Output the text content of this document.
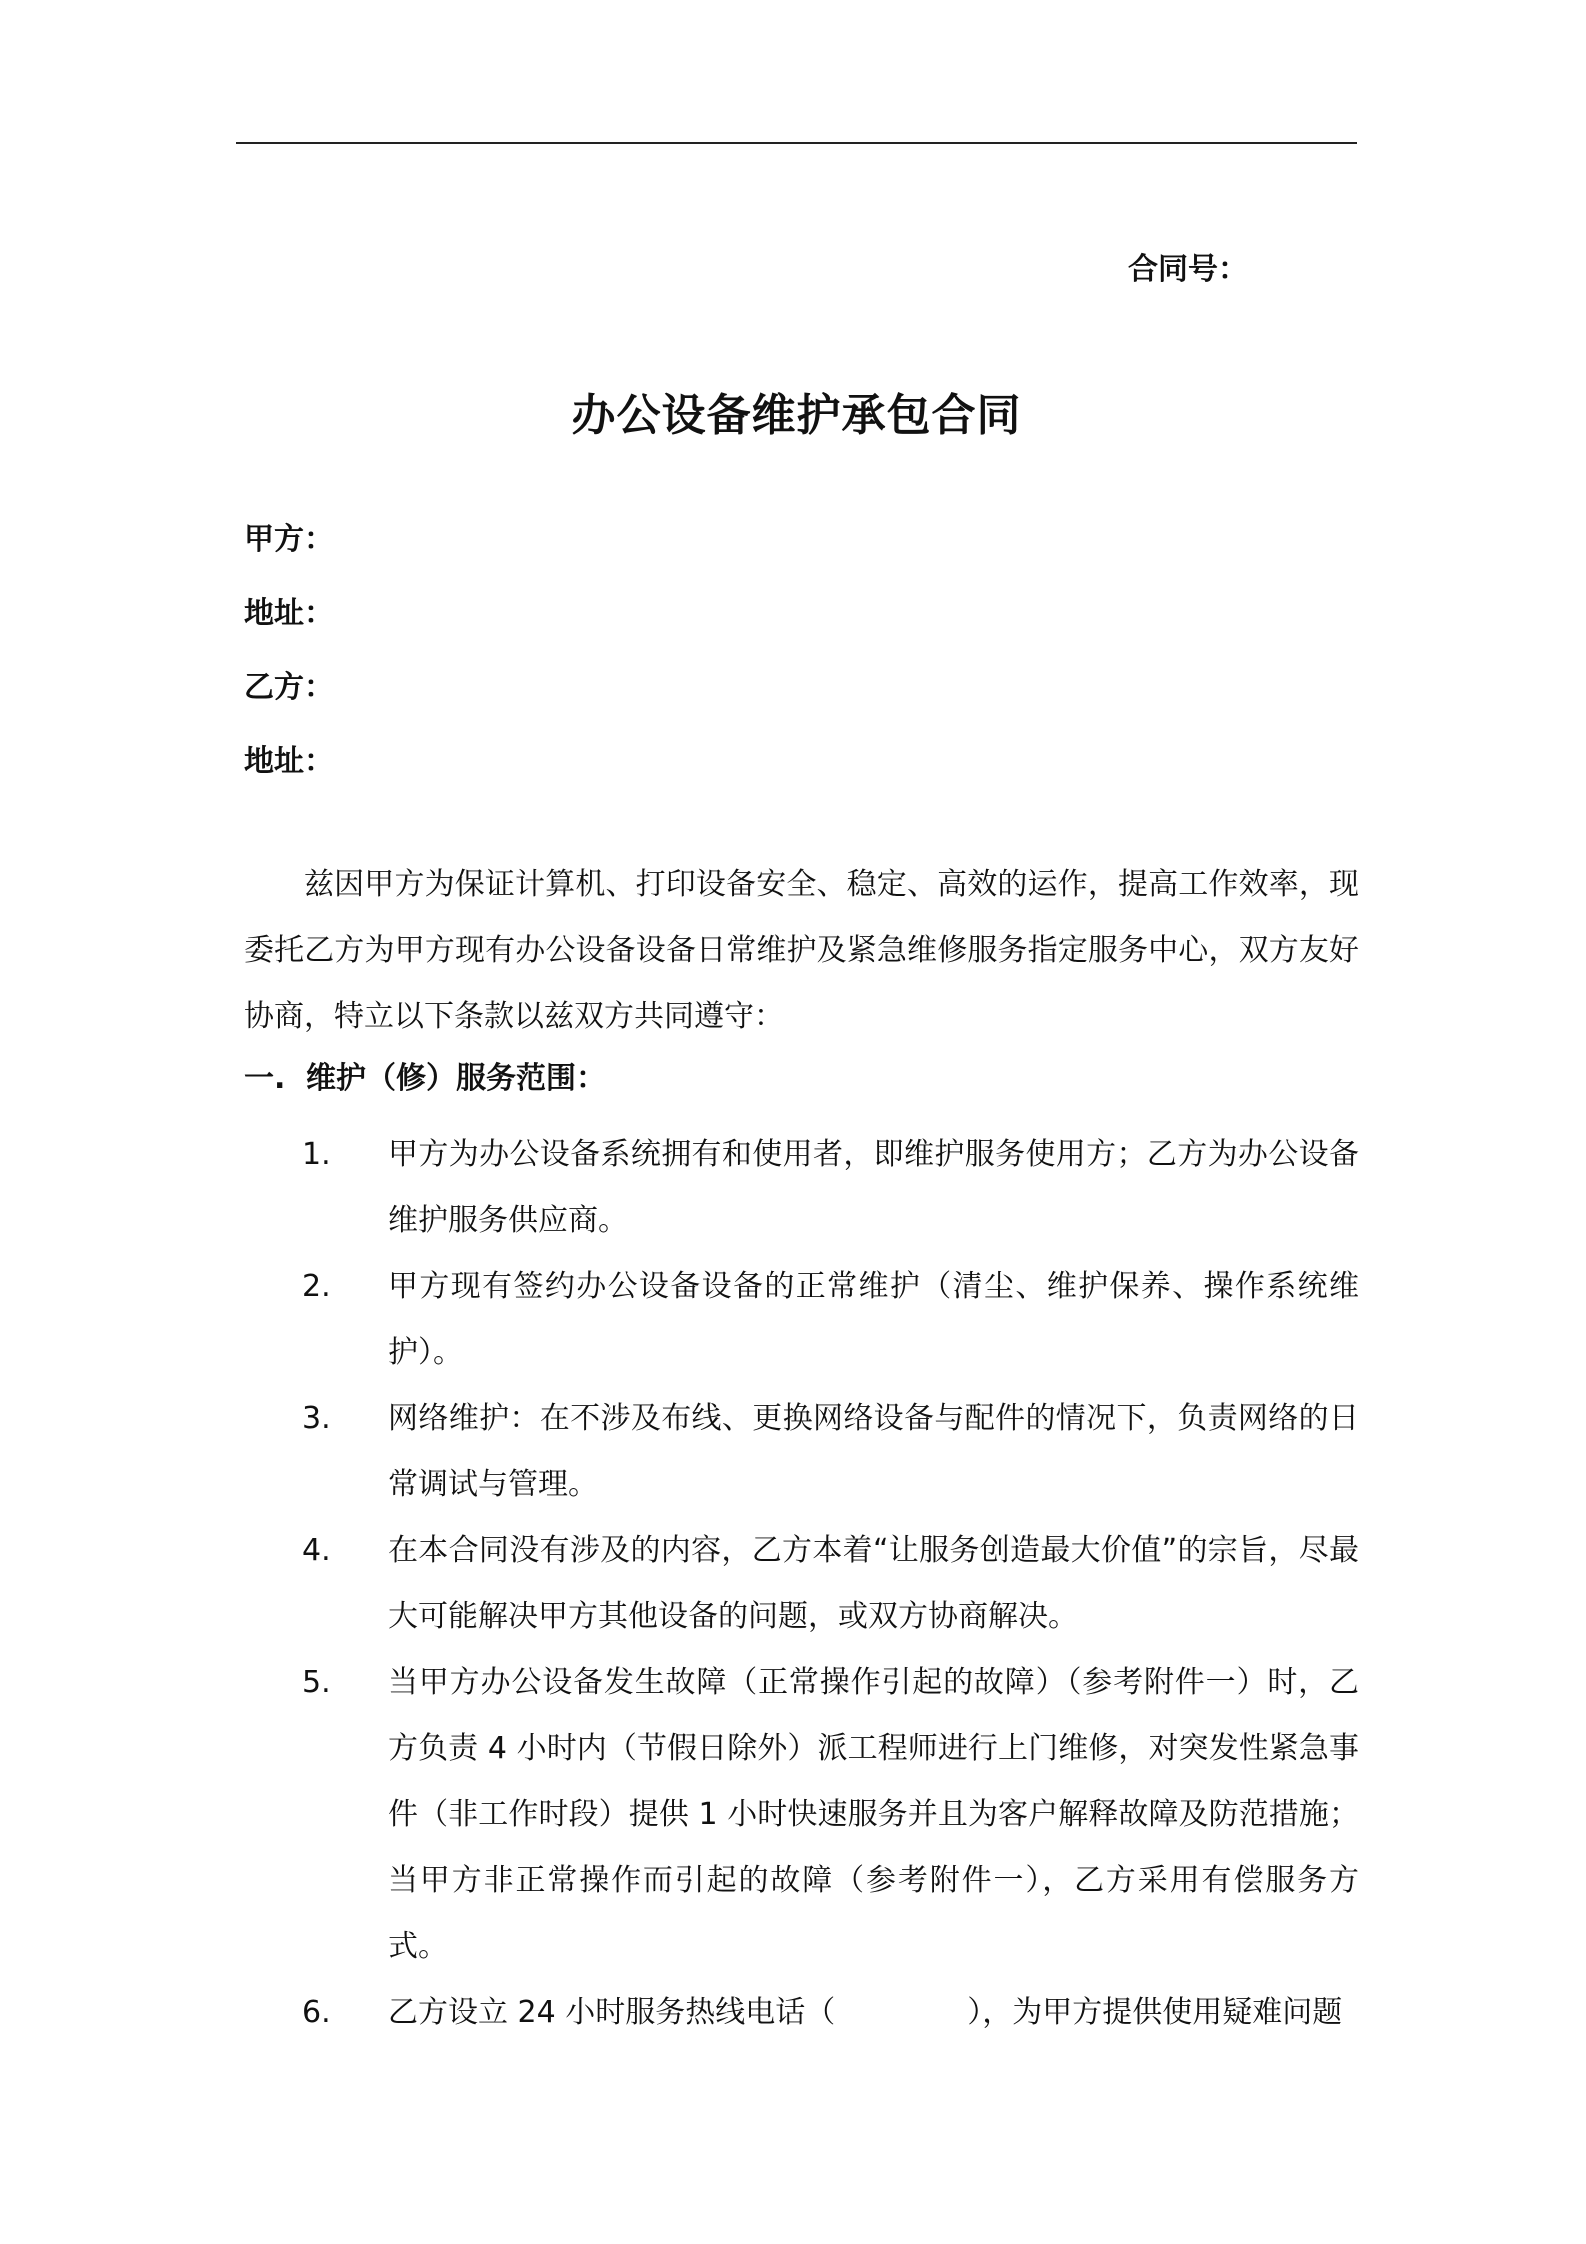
合同号：
办公设备维护承包合同
甲方：
地址：
乙方：
地址：
兹因甲方为保证计算机、打印设备安全、稳定、高效的运作，提高工作效率，现委托乙方为甲方现有办公设备设备日常维护及紧急维修服务指定服务中心，双方友好协商，特立以下条款以兹双方共同遵守：
一. 维护（修）服务范围：
1. 甲方为办公设备系统拥有和使用者，即维护服务使用方；乙方为办公设备维护服务供应商。
2. 甲方现有签约办公设备设备的正常维护（清尘、维护保养、操作系统维护）。
3. 网络维护：在不涉及布线、更换网络设备与配件的情况下，负责网络的日常调试与管理。
4. 在本合同没有涉及的内容，乙方本着“让服务创造最大价值”的宗旨，尽最大可能解决甲方其他设备的问题，或双方协商解决。
5. 当甲方办公设备发生故障（正常操作引起的故障）（参考附件一）时，乙方负责 4 小时内（节假日除外）派工程师进行上门维修，对突发性紧急事件（非工作时段）提供 1 小时快速服务并且为客户解释故障及防范措施；当甲方非正常操作而引起的故障（参考附件一），乙方采用有偿服务方式。
6. 乙方设立 24 小时服务热线电话（	），为甲方提供使用疑难问题
